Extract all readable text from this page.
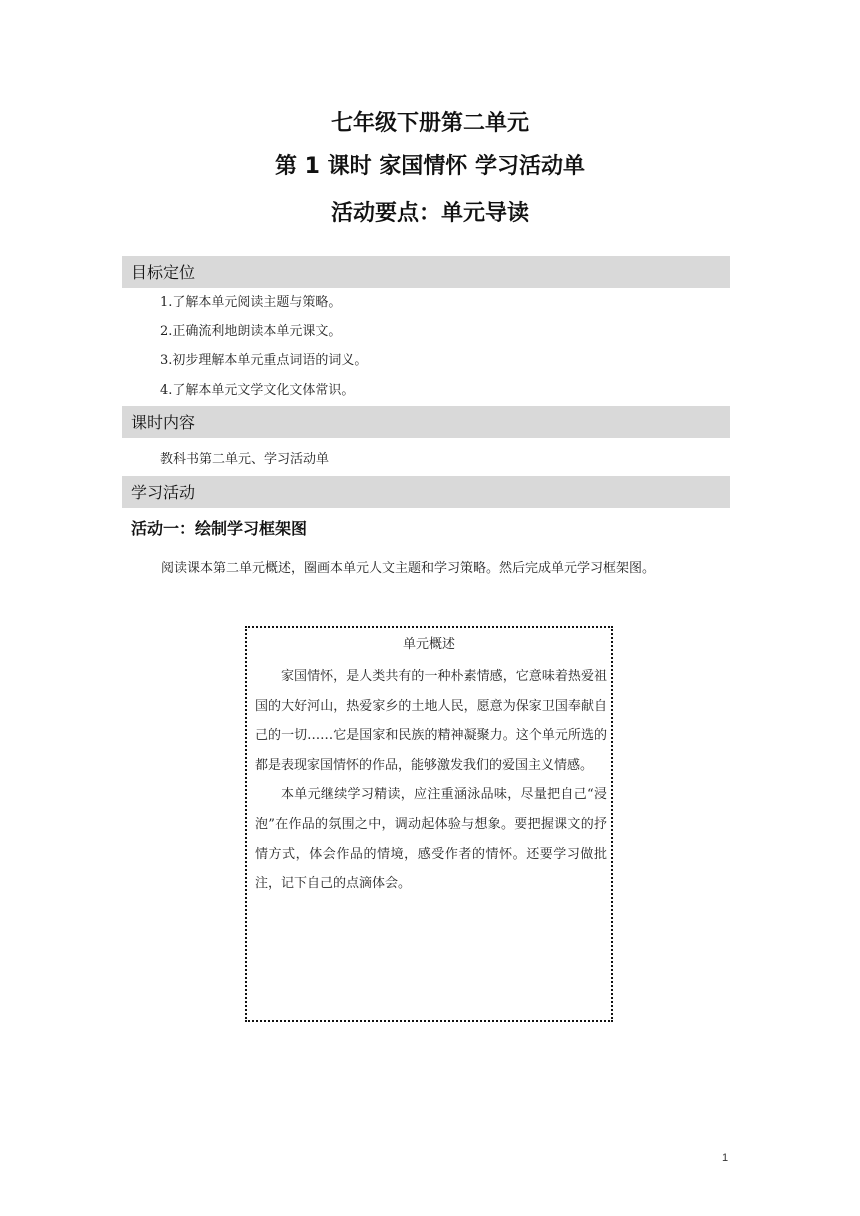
七年级下册第二单元
第 1 课时 家国情怀 学习活动单
活动要点：单元导读
目标定位
1.了解本单元阅读主题与策略。
2.正确流利地朗读本单元课文。
3.初步理解本单元重点词语的词义。
4.了解本单元文学文化文体常识。
课时内容
教科书第二单元、学习活动单
学习活动
活动一：绘制学习框架图
阅读课本第二单元概述，圈画本单元人文主题和学习策略。然后完成单元学习框架图。
单元概述

家国情怀，是人类共有的一种朴素情感，它意味着热爱祖国的大好河山，热爱家乡的土地人民，愿意为保家卫国奉献自己的一切……它是国家和民族的精神凝聚力。这个单元所选的都是表现家国情怀的作品，能够激发我们的爱国主义情感。

本单元继续学习精读，应注重涵泳品味，尽量把自己“浸泡”在作品的氛围之中，调动起体验与想象。要把握课文的抒情方式，体会作品的情境，感受作者的情怀。还要学习做批注，记下自己的点滴体会。

1
